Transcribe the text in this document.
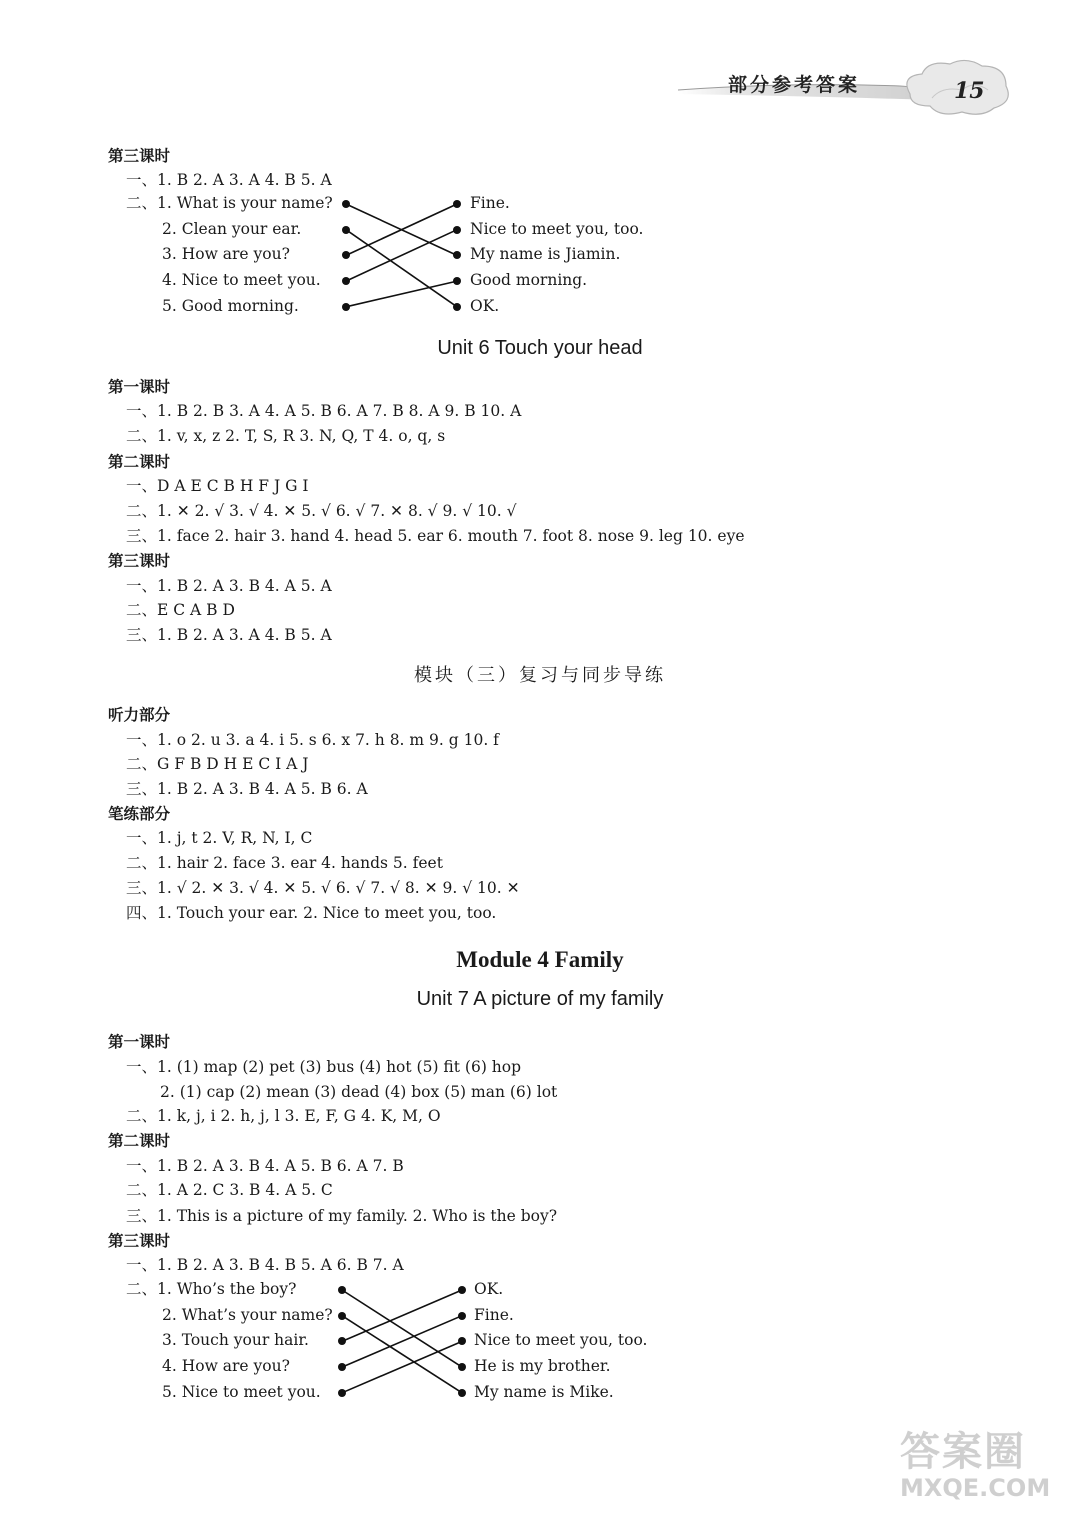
部分参考答案	15
第三课时
一、1. B 2. A 3. A 4. B 5. A
二、1. What is your name?
2. Clean your ear.
3. How are you?
4. Nice to meet you.
5. Good morning.
Fine.
Nice to meet you, too.
My name is Jiamin.
Good morning.
OK.
Unit 6 Touch your head
第一课时
一、1. B 2. B 3. A 4. A 5. B 6. A 7. B 8. A 9. B 10. A
二、1. v, x, z 2. T, S, R 3. N, Q, T 4. o, q, s
第二课时
一、D A E C B H F J G I
二、1. ✕ 2. √ 3. √ 4. ✕ 5. √ 6. √ 7. ✕ 8. √ 9. √ 10. √
三、1. face 2. hair 3. hand 4. head 5. ear 6. mouth 7. foot 8. nose 9. leg 10. eye
第三课时
一、1. B 2. A 3. B 4. A 5. A
二、E C A B D
三、1. B 2. A 3. A 4. B 5. A
模块（三）复习与同步导练
听力部分
一、1. o 2. u 3. a 4. i 5. s 6. x 7. h 8. m 9. g 10. f
二、G F B D H E C I A J
三、1. B 2. A 3. B 4. A 5. B 6. A
笔练部分
一、1. j, t 2. V, R, N, I, C
二、1. hair 2. face 3. ear 4. hands 5. feet
三、1. √ 2. ✕ 3. √ 4. ✕ 5. √ 6. √ 7. √ 8. ✕ 9. √ 10. ✕
四、1. Touch your ear. 2. Nice to meet you, too.
Module 4 Family
Unit 7 A picture of my family
第一课时
一、1. (1) map (2) pet (3) bus (4) hot (5) fit (6) hop
2. (1) cap (2) mean (3) dead (4) box (5) man (6) lot
二、1. k, j, i 2. h, j, l 3. E, F, G 4. K, M, O
第二课时
一、1. B 2. A 3. B 4. A 5. B 6. A 7. B
二、1. A 2. C 3. B 4. A 5. C
三、1. This is a picture of my family. 2. Who is the boy?
第三课时
一、1. B 2. A 3. B 4. B 5. A 6. B 7. A
二、1. Who’s the boy?
2. What’s your name?
3. Touch your hair.
4. How are you?
5. Nice to meet you.
OK.
Fine.
Nice to meet you, too.
He is my brother.
My name is Mike.
答案圈
MXQE.COM
